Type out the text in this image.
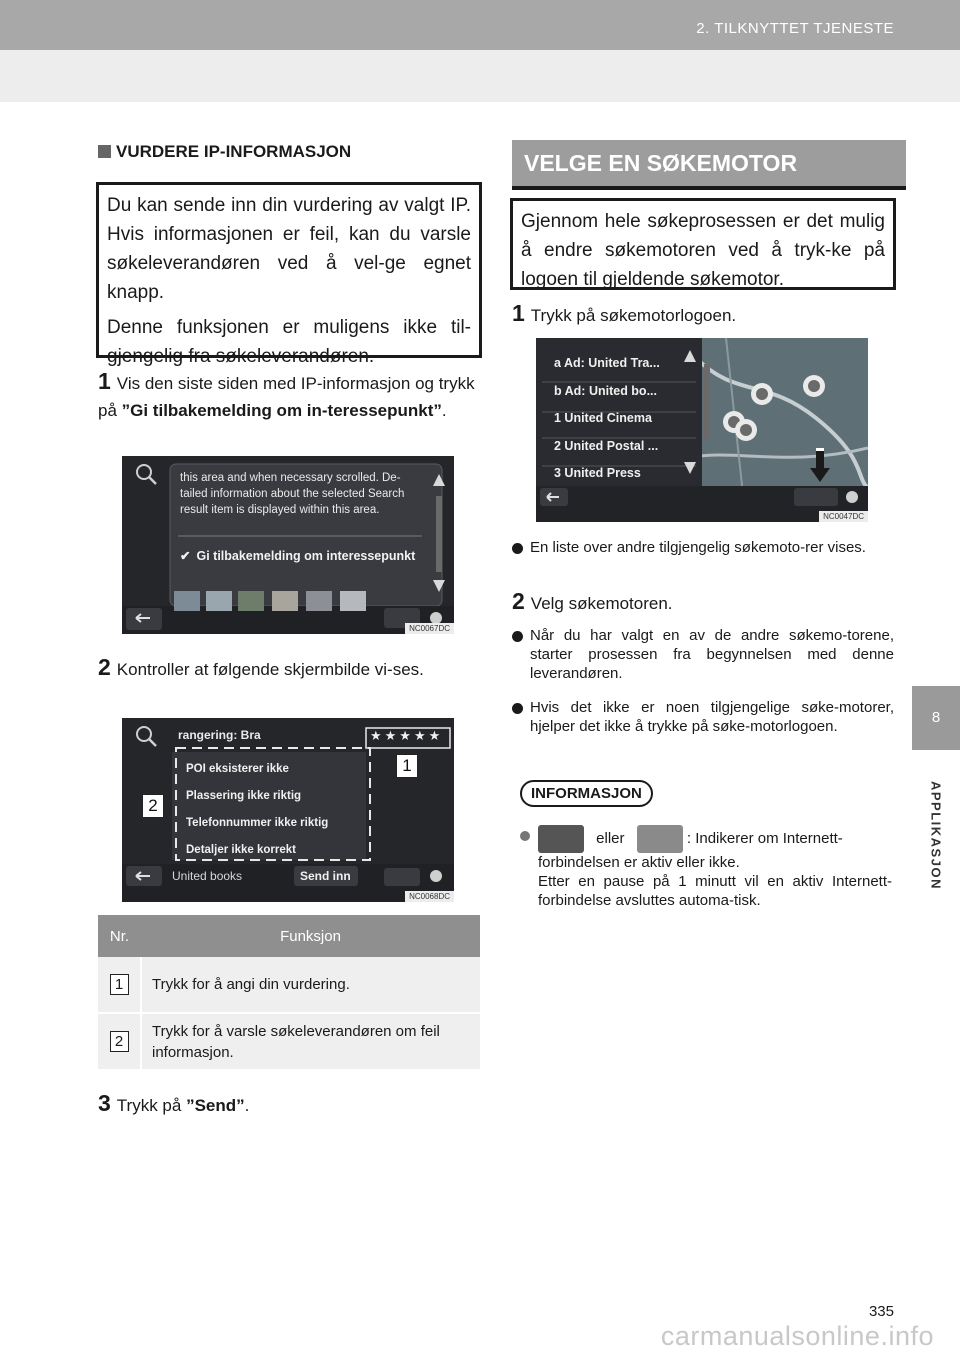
2. TILKNYTTET TJENESTE
8
APPLIKASJON
VURDERE IP-INFORMASJON

Du kan sende inn din vurdering av valgt IP. Hvis informasjonen er feil, kan du varsle søkeleverandøren ved å vel-ge egnet knapp.

Denne funksjonen er muligens ikke til-gjengelig fra søkeleverandøren.

1 Vis den siste siden med IP-informasjon og trykk på ”Gi tilbakemelding om in-teressepunkt”.
this area and when necessary scrolled. De-
tailed information about the selected Search
result item is displayed within this area.
✔ Gi tilbakemelding om interessepunkt
NC0067DC
2 Kontroller at følgende skjermbilde vi-ses.
rangering: Bra	★★★★★
POI eksisterer ikke
Plassering ikke riktig
Telefonnummer ikke riktig
Detaljer ikke korrekt
United books	Send inn
NC0068DC
1
2
Nr.	Funksjon
1	Trykk for å angi din vurdering.
2	Trykk for å varsle søkeleverandøren om feil informasjon.
3 Trykk på ”Send”.
VELGE EN SØKEMOTOR

Gjennom hele søkeprosessen er det mulig å endre søkemotoren ved å tryk-ke på logoen til gjeldende søkemotor.

1 Trykk på søkemotorlogoen.
a Ad: United Tra...
b Ad: United bo...
1 United Cinema
2 United Postal ...
3 United Press
NC0047DC
En liste over andre tilgjengelig søkemoto-rer vises.
2 Velg søkemotoren.
Når du har valgt en av de andre søkemo-torene, starter prosessen fra begynnelsen med denne leverandøren.
Hvis det ikke er noen tilgjengelige søke-motorer, hjelper det ikke å trykke på søke-motorlogoen.
INFORMASJON
eller	: Indikerer om Internett-forbindelsen er aktiv eller ikke.
Etter en pause på 1 minutt vil en aktiv Internett-forbindelse avsluttes automa-tisk.
335
carmanualsonline.info
